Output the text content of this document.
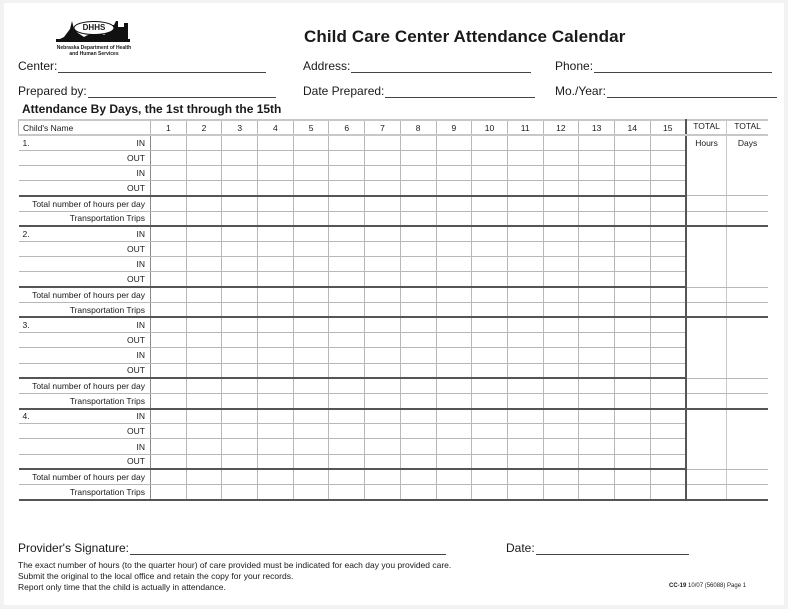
DHHS
Nebraska Department of Health
and Human Services
Child Care Center Attendance Calendar
Center:	Address:	Phone:
Prepared by:	Date Prepared:	Mo./Year:
Attendance By Days, the 1st through the 15th
Child's Name	1	2	3	4	5	6	7	8	9	10	11	12	13	14	15	TOTAL	TOTAL

1. IN																Hours	Days
OUT																	
IN																	
OUT																	
Total number of hours per day																	
Transportation Trips																	

2. IN																	

OUT																	
IN																	
OUT																	
Total number of hours per day																	
Transportation Trips																	

3. IN																	

OUT																	
IN																	
OUT																	
Total number of hours per day																	
Transportation Trips																	

4. IN																	

OUT																	
IN																	
OUT																	
Total number of hours per day																	
Transportation Trips																	
Provider's Signature:	Date:
The exact number of hours (to the quarter hour) of care provided must be indicated for each day you provided care.
Submit the original to the local office and retain the copy for your records.
Report only time that the child is actually in attendance.	CC-19 10/07 (56088) Page 1
